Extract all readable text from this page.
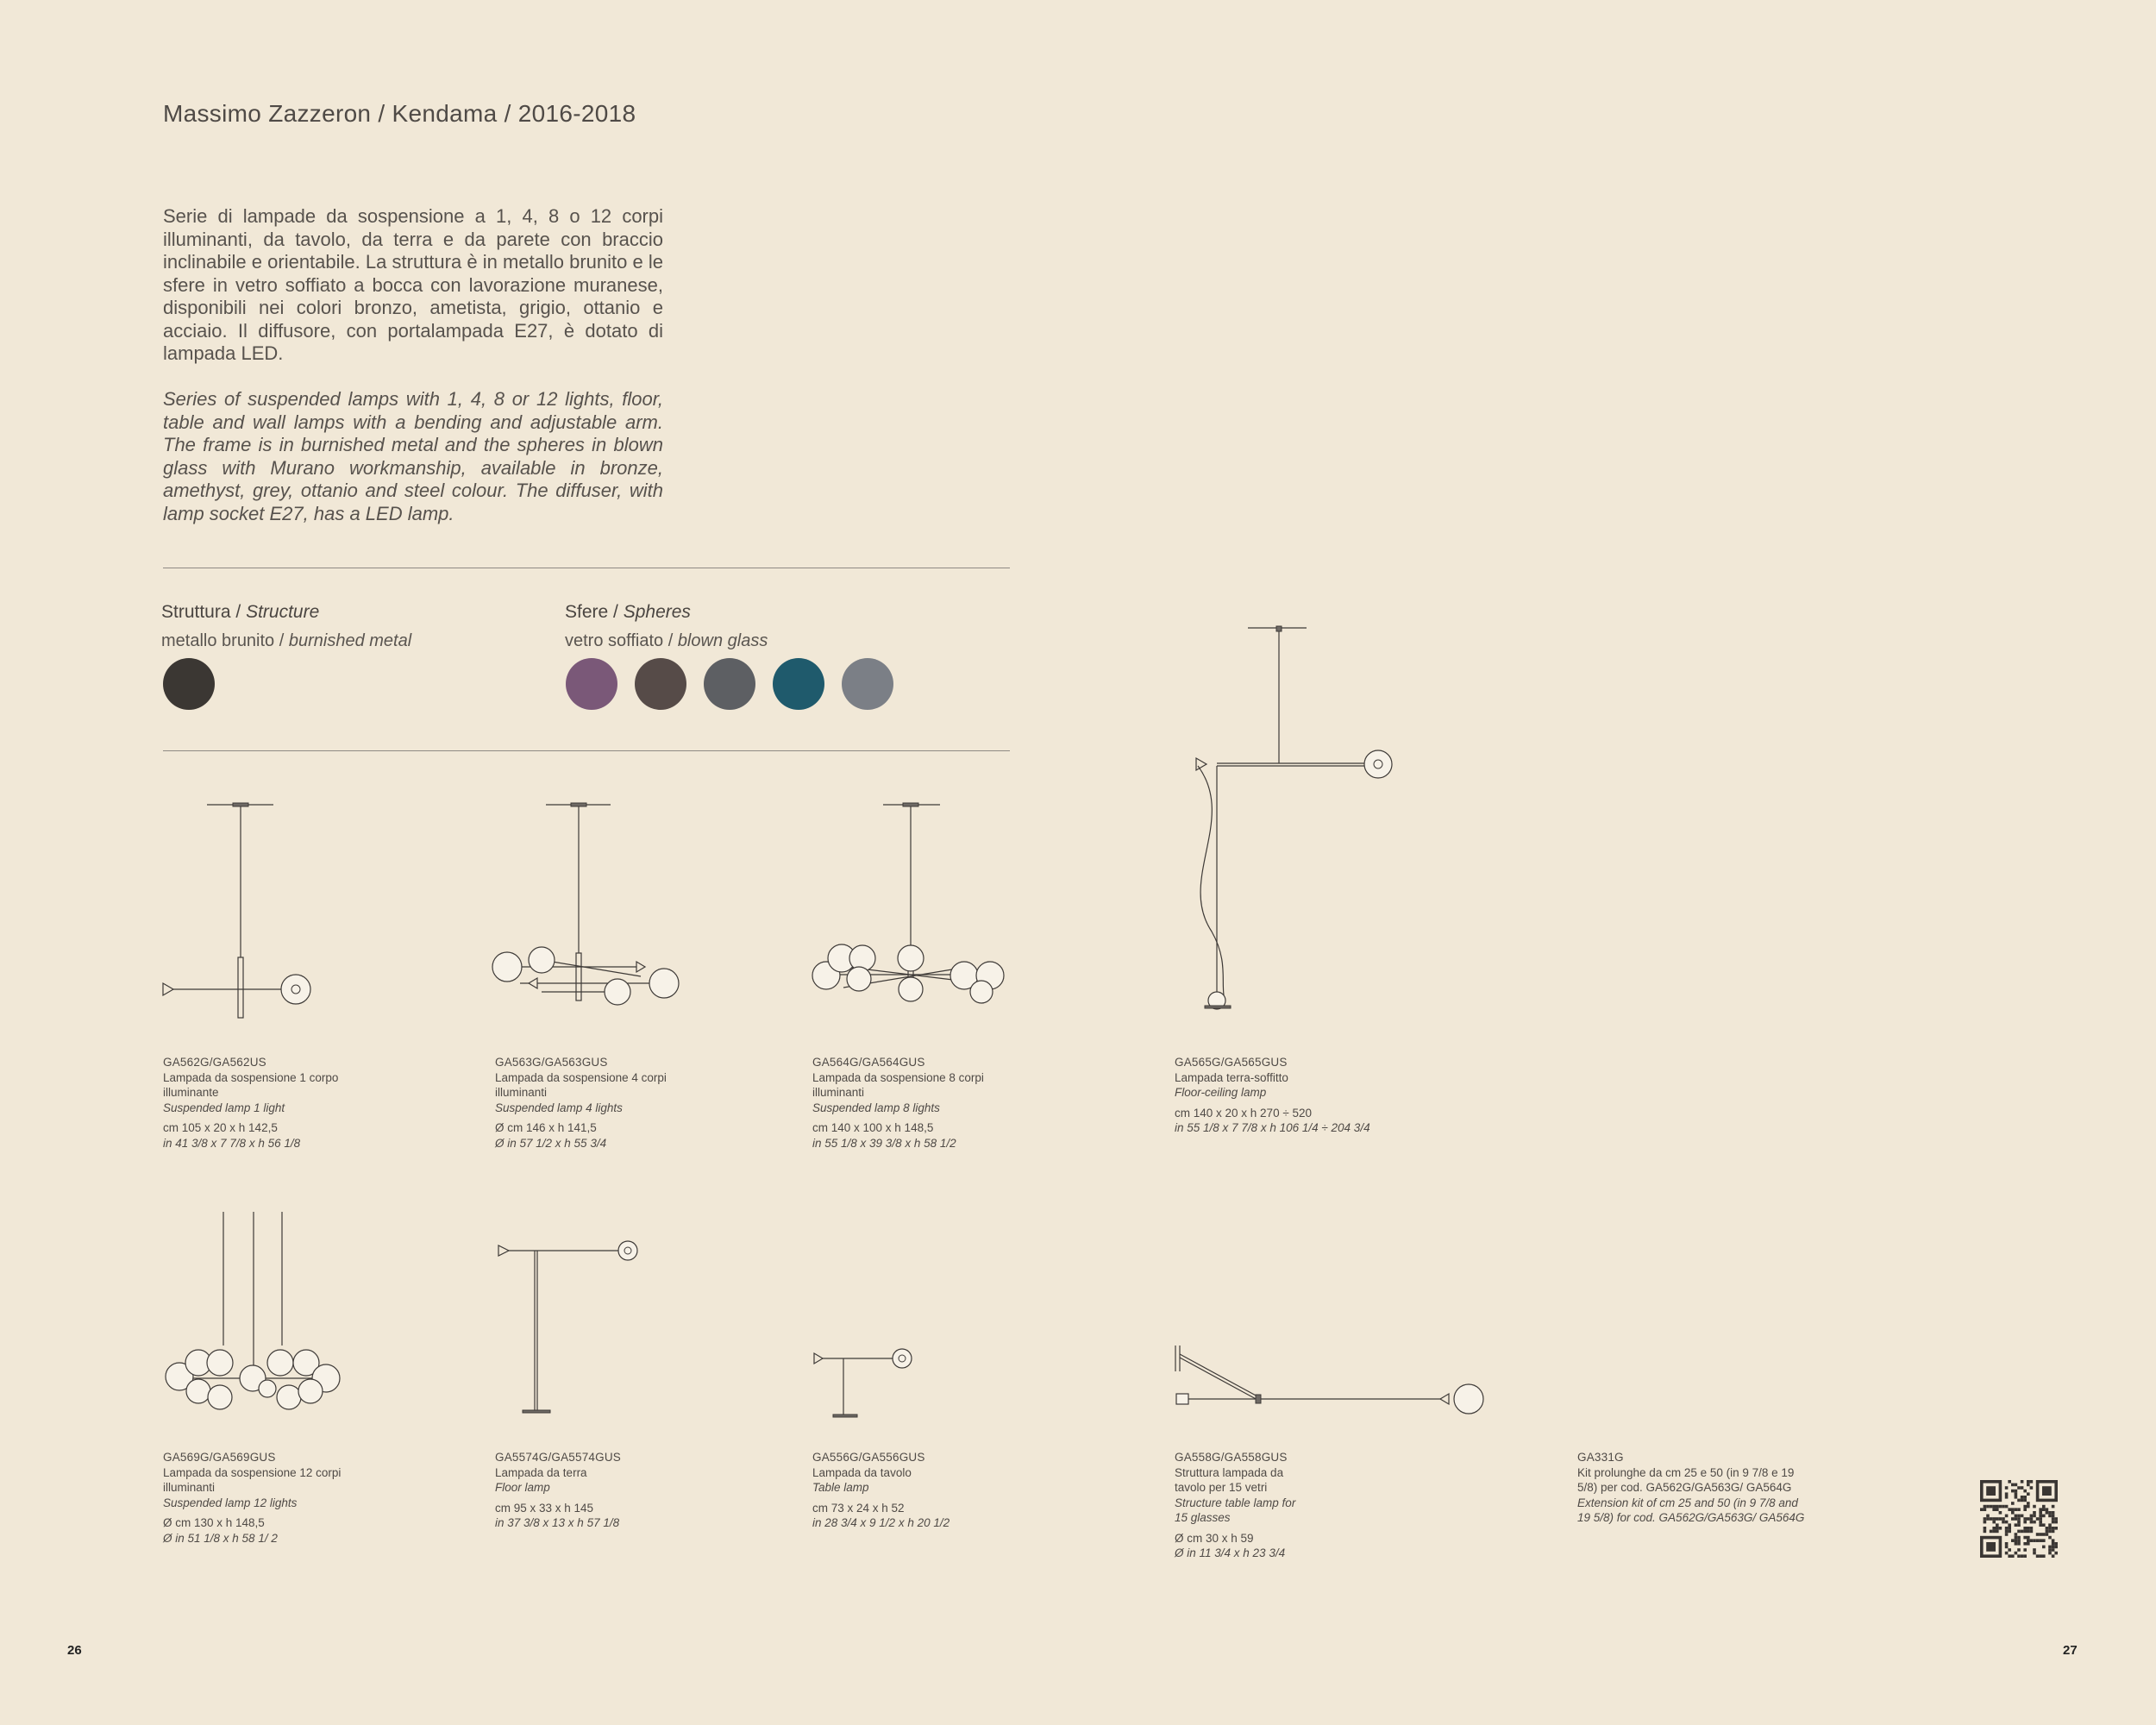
Massimo Zazzeron / Kendama / 2016-2018
Serie di lampade da sospensione a 1, 4, 8 o 12 corpi illuminanti, da tavolo, da terra e da parete con braccio inclinabile e orientabile. La struttura è in metallo brunito e le sfere in vetro soffiato a bocca con lavorazione muranese, disponibili nei colori bronzo, ametista, grigio, ottanio e acciaio. Il diffusore, con portalampada E27, è dotato di lampada LED.
Series of suspended lamps with 1, 4, 8 or 12 lights, floor, table and wall lamps with a bending and adjustable arm. The frame is in burnished metal and the spheres in blown glass with Murano workmanship, available in bronze, amethyst, grey, ottanio and steel colour. The diffuser, with lamp socket E27, has a LED lamp.
Struttura / Structure
metallo brunito / burnished metal
Sfere / Spheres
vetro soffiato / blown glass
GA562G/GA562US
Lampada da sospensione 1 corpo illuminante
Suspended lamp 1 light
cm 105 x 20 x h 142,5
in 41 3/8 x 7 7/8 x h 56 1/8
GA563G/GA563GUS
Lampada da sospensione 4 corpi illuminanti
Suspended lamp 4 lights
Ø cm 146 x h 141,5
Ø in 57 1/2 x h 55 3/4
GA564G/GA564GUS
Lampada da sospensione 8 corpi illuminanti
Suspended lamp 8 lights
cm 140 x 100 x h 148,5
in 55 1/8 x 39 3/8 x h 58 1/2
GA565G/GA565GUS
Lampada terra-soffitto
Floor-ceiling lamp
cm 140 x 20 x h 270 ÷ 520
in 55 1/8 x 7 7/8 x h 106 1/4 ÷ 204 3/4
GA569G/GA569GUS
Lampada da sospensione 12 corpi illuminanti
Suspended lamp 12 lights
Ø cm 130 x h 148,5
Ø in 51 1/8 x h 58 1/ 2
GA5574G/GA5574GUS
Lampada da terra
Floor lamp
cm 95 x 33 x h 145
in 37 3/8 x 13 x h 57 1/8
GA556G/GA556GUS
Lampada da tavolo
Table lamp
cm 73 x 24 x h 52
in 28 3/4 x 9 1/2 x h 20 1/2
GA558G/GA558GUS
Struttura lampada da tavolo per 15 vetri
Structure table lamp for 15 glasses
Ø cm 30 x h 59
Ø in 11 3/4 x h 23 3/4
GA331G
Kit prolunghe da cm 25 e 50 (in 9 7/8 e 19 5/8) per cod. GA562G/GA563G/ GA564G
Extension kit of cm 25 and 50 (in 9 7/8 and 19 5/8) for cod. GA562G/GA563G/ GA564G
26	27
